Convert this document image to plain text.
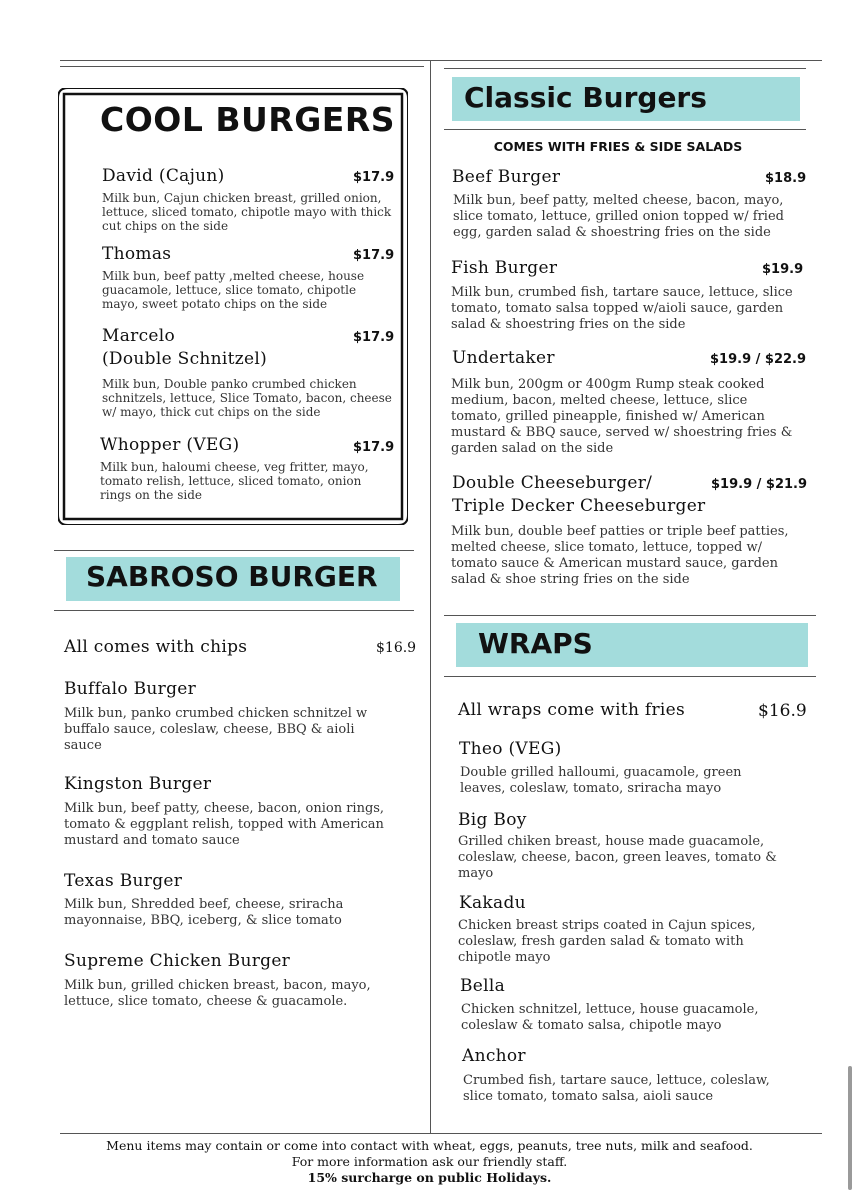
COOL BURGERS
David (Cajun)	$17.9
Milk bun, Cajun chicken breast, grilled onion, lettuce, sliced tomato, chipotle mayo with thick cut chips on the side
Thomas	$17.9
Milk bun, beef patty ,melted cheese, house guacamole, lettuce, slice tomato, chipotle mayo, sweet potato chips on the side
Marcelo
(Double Schnitzel)
$17.9
Milk bun, Double panko crumbed chicken schnitzels, lettuce, Slice Tomato, bacon, cheese w/ mayo, thick cut chips on the side
Whopper (VEG)	$17.9
Milk bun, haloumi cheese, veg fritter, mayo, tomato relish, lettuce, sliced tomato, onion rings on the side
SABROSO BURGER
All comes with chips	$16.9
Buffalo Burger
Milk bun, panko crumbed chicken schnitzel w buffalo sauce, coleslaw, cheese, BBQ & aioli sauce
Kingston Burger
Milk bun, beef patty, cheese, bacon, onion rings, tomato & eggplant relish, topped with American mustard and tomato sauce
Texas Burger
Milk bun, Shredded beef, cheese, sriracha mayonnaise, BBQ, iceberg, & slice tomato
Supreme Chicken Burger
Milk bun, grilled chicken breast, bacon, mayo, lettuce, slice tomato, cheese & guacamole.
Classic Burgers
COMES WITH FRIES & SIDE SALADS
Beef Burger	$18.9
Milk bun, beef patty, melted cheese, bacon, mayo, slice tomato, lettuce, grilled onion topped w/ fried egg, garden salad & shoestring fries on the side
Fish Burger	$19.9
Milk bun, crumbed fish, tartare sauce, lettuce, slice tomato, tomato salsa topped w/aioli sauce, garden salad & shoestring fries on the side
Undertaker	$19.9 / $22.9
Milk bun, 200gm or 400gm Rump steak cooked medium, bacon, melted cheese, lettuce, slice tomato, grilled pineapple, finished w/ American mustard & BBQ sauce, served w/ shoestring fries & garden salad on the side
Double Cheeseburger/
Triple Decker Cheeseburger
$19.9 / $21.9
Milk bun, double beef patties or triple beef patties, melted cheese, slice tomato, lettuce, topped w/ tomato sauce & American mustard sauce, garden salad & shoe string fries on the side
WRAPS
All wraps come with fries	$16.9
Theo (VEG)
Double grilled halloumi, guacamole, green leaves, coleslaw, tomato, sriracha mayo
Big Boy
Grilled chiken breast, house made guacamole, coleslaw, cheese, bacon, green leaves, tomato & mayo
Kakadu
Chicken breast strips coated in Cajun spices, coleslaw, fresh garden salad & tomato with chipotle mayo
Bella
Chicken schnitzel, lettuce, house guacamole, coleslaw & tomato salsa, chipotle mayo
Anchor
Crumbed fish, tartare sauce, lettuce, coleslaw, slice tomato, tomato salsa, aioli sauce
Menu items may contain or come into contact with wheat, eggs, peanuts, tree nuts, milk and seafood.
For more information ask our friendly staff.
15% surcharge on public Holidays.
